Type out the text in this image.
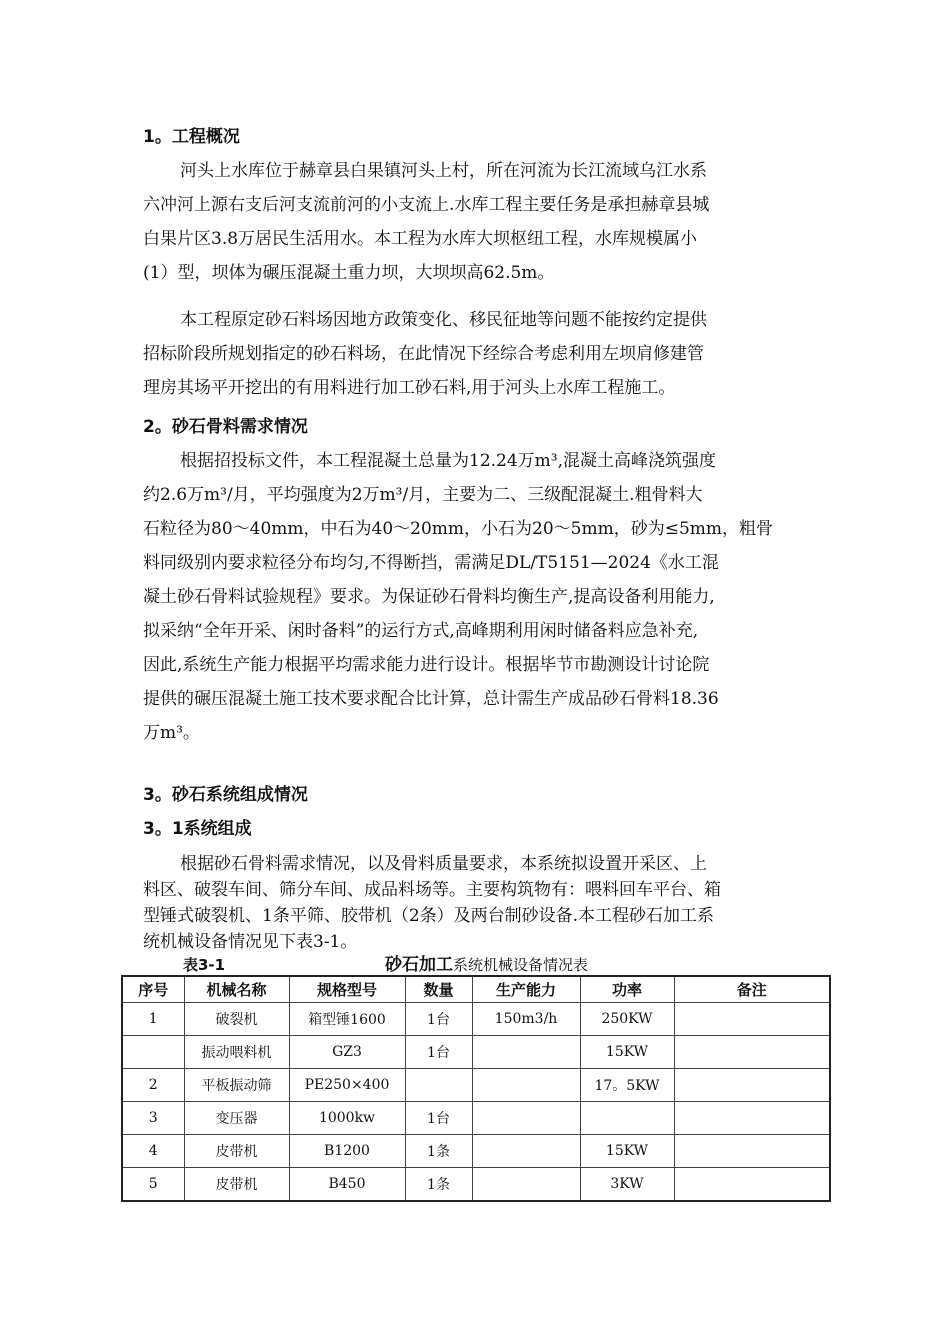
1。工程概况
河头上水库位于赫章县白果镇河头上村，所在河流为长江流域乌江水系
六冲河上源右支后河支流前河的小支流上.水库工程主要任务是承担赫章县城
白果片区3.8万居民生活用水。本工程为水库大坝枢纽工程，水库规模属小
(1）型，坝体为碾压混凝土重力坝，大坝坝高62.5m。
本工程原定砂石料场因地方政策变化、移民征地等问题不能按约定提供
招标阶段所规划指定的砂石料场，在此情况下经综合考虑利用左坝肩修建管
理房其场平开挖出的有用料进行加工砂石料,用于河头上水库工程施工。
2。砂石骨料需求情况
根据招投标文件，本工程混凝土总量为12.24万m³,混凝土高峰浇筑强度
约2.6万m³/月，平均强度为2万m³/月，主要为二、三级配混凝土.粗骨料大
石粒径为80～40mm，中石为40～20mm，小石为20～5mm，砂为≤5mm，粗骨
料同级别内要求粒径分布均匀,不得断挡，需满足DL/T5151—2024《水工混
凝土砂石骨料试验规程》要求。为保证砂石骨料均衡生产,提高设备利用能力,
拟采纳“全年开采、闲时备料”的运行方式,高峰期利用闲时储备料应急补充,
因此,系统生产能力根据平均需求能力进行设计。根据毕节市勘测设计讨论院
提供的碾压混凝土施工技术要求配合比计算，总计需生产成品砂石骨料18.36
万m³。
3。砂石系统组成情况
3。1系统组成
根据砂石骨料需求情况，以及骨料质量要求，本系统拟设置开采区、上
料区、破裂车间、筛分车间、成品料场等。主要构筑物有：喂料回车平台、箱
型锤式破裂机、1条平筛、胶带机（2条）及两台制砂设备.本工程砂石加工系
统机械设备情况见下表3-1。
表3-1	砂石加工系统机械设备情况表
序号	机械名称	规格型号	数量	生产能力	功率	备注
1	破裂机	箱型锤1600	1台	150m3/h	250KW	
	振动喂料机	GZ3	1台		15KW	
2	平板振动筛	PE250×400			17。5KW	
3	变压器	1000kw	1台			
4	皮带机	B1200	1条		15KW	
5	皮带机	B450	1条		3KW	
